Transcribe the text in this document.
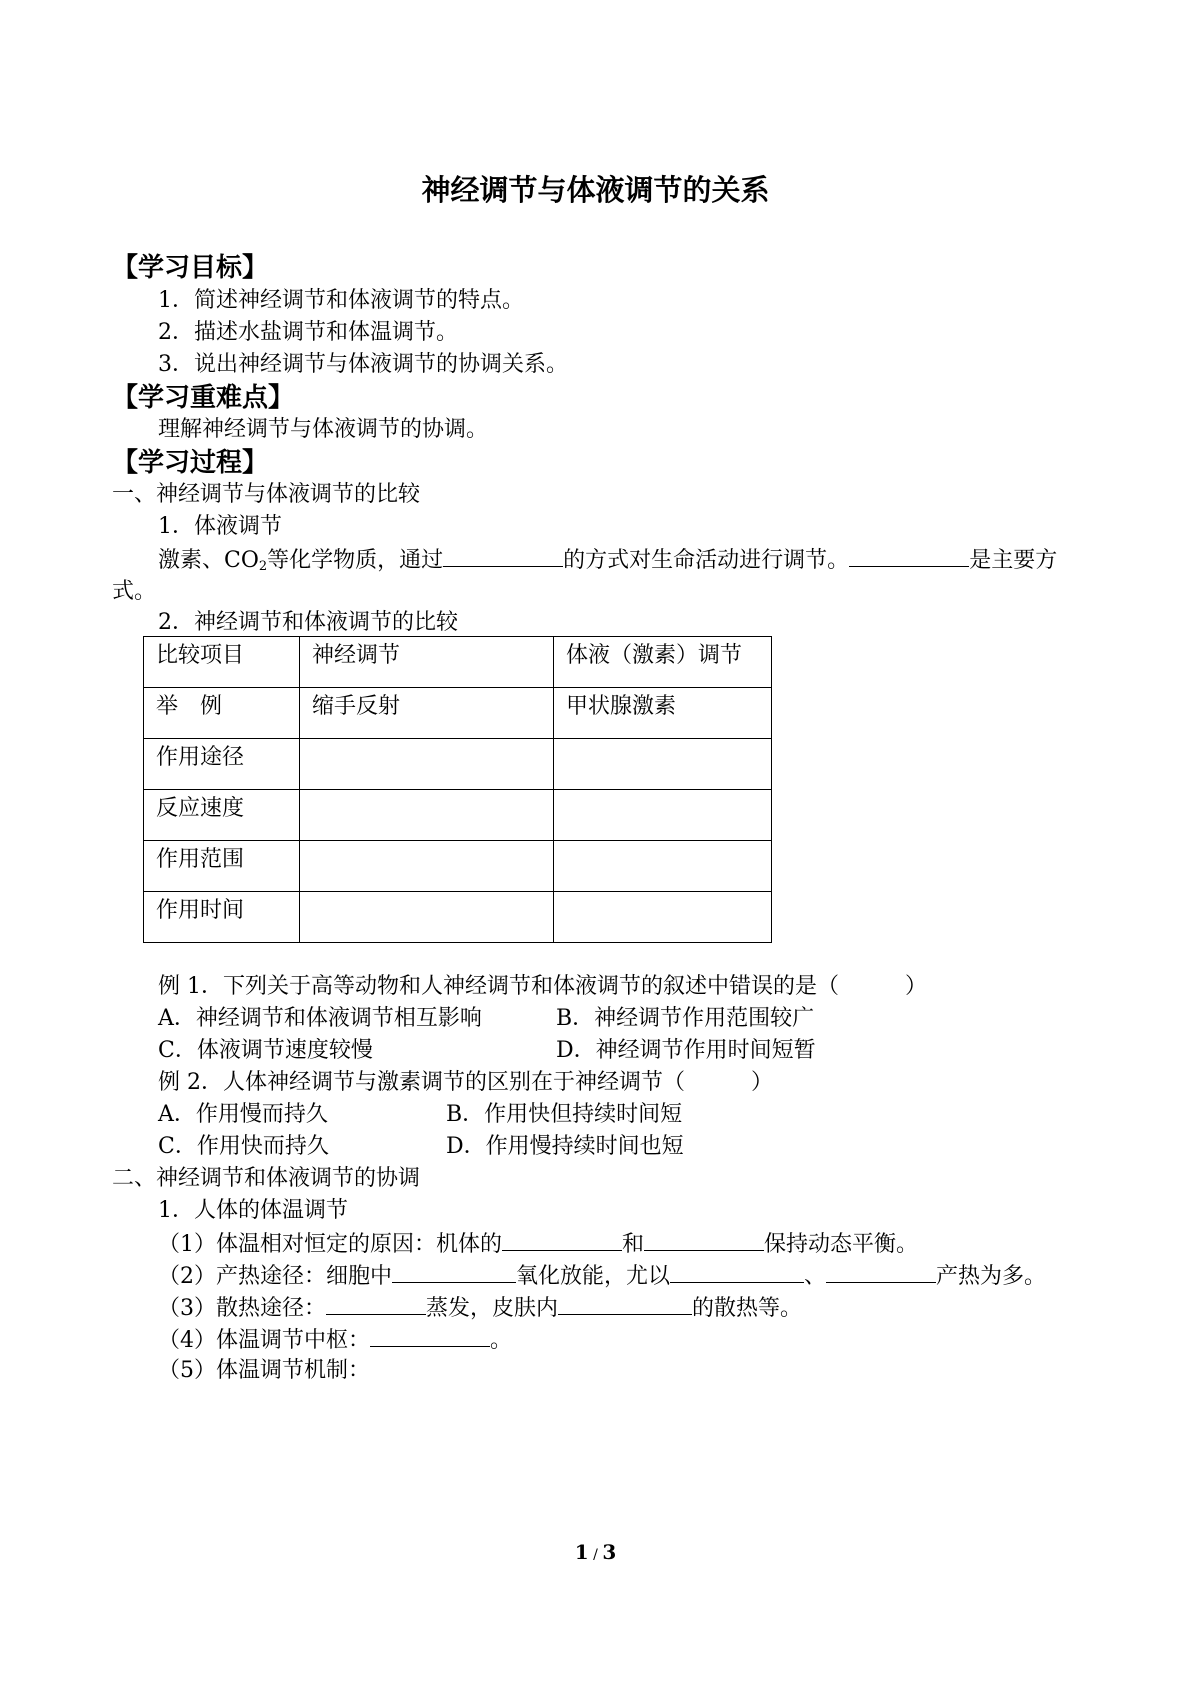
神经调节与体液调节的关系
【学习目标】
1．简述神经调节和体液调节的特点。
2．描述水盐调节和体温调节。
3．说出神经调节与体液调节的协调关系。
【学习重难点】
理解神经调节与体液调节的协调。
【学习过程】
一、神经调节与体液调节的比较
1．体液调节
激素、$CO_2$等化学物质，通过	的方式对生命活动进行调节。	是主要方
式。
2．神经调节和体液调节的比较
比较项目	神经调节	体液（激素）调节
举　例	缩手反射	甲状腺激素
作用途径		
反应速度		
作用范围		
作用时间		
例 1．下列关于高等动物和人神经调节和体液调节的叙述中错误的是（　　　）
A．神经调节和体液调节相互影响	B．神经调节作用范围较广
C．体液调节速度较慢	D．神经调节作用时间短暂
例 2．人体神经调节与激素调节的区别在于神经调节（　　　）
A．作用慢而持久	B．作用快但持续时间短
C．作用快而持久	D．作用慢持续时间也短
二、神经调节和体液调节的协调
1．人体的体温调节
（1）体温相对恒定的原因：机体的	和	保持动态平衡。
（2）产热途径：细胞中	氧化放能，尤以	、	产热为多。
（3）散热途径：	蒸发，皮肤内	的散热等。
（4）体温调节中枢：	。
（5）体温调节机制：
1 / 3
